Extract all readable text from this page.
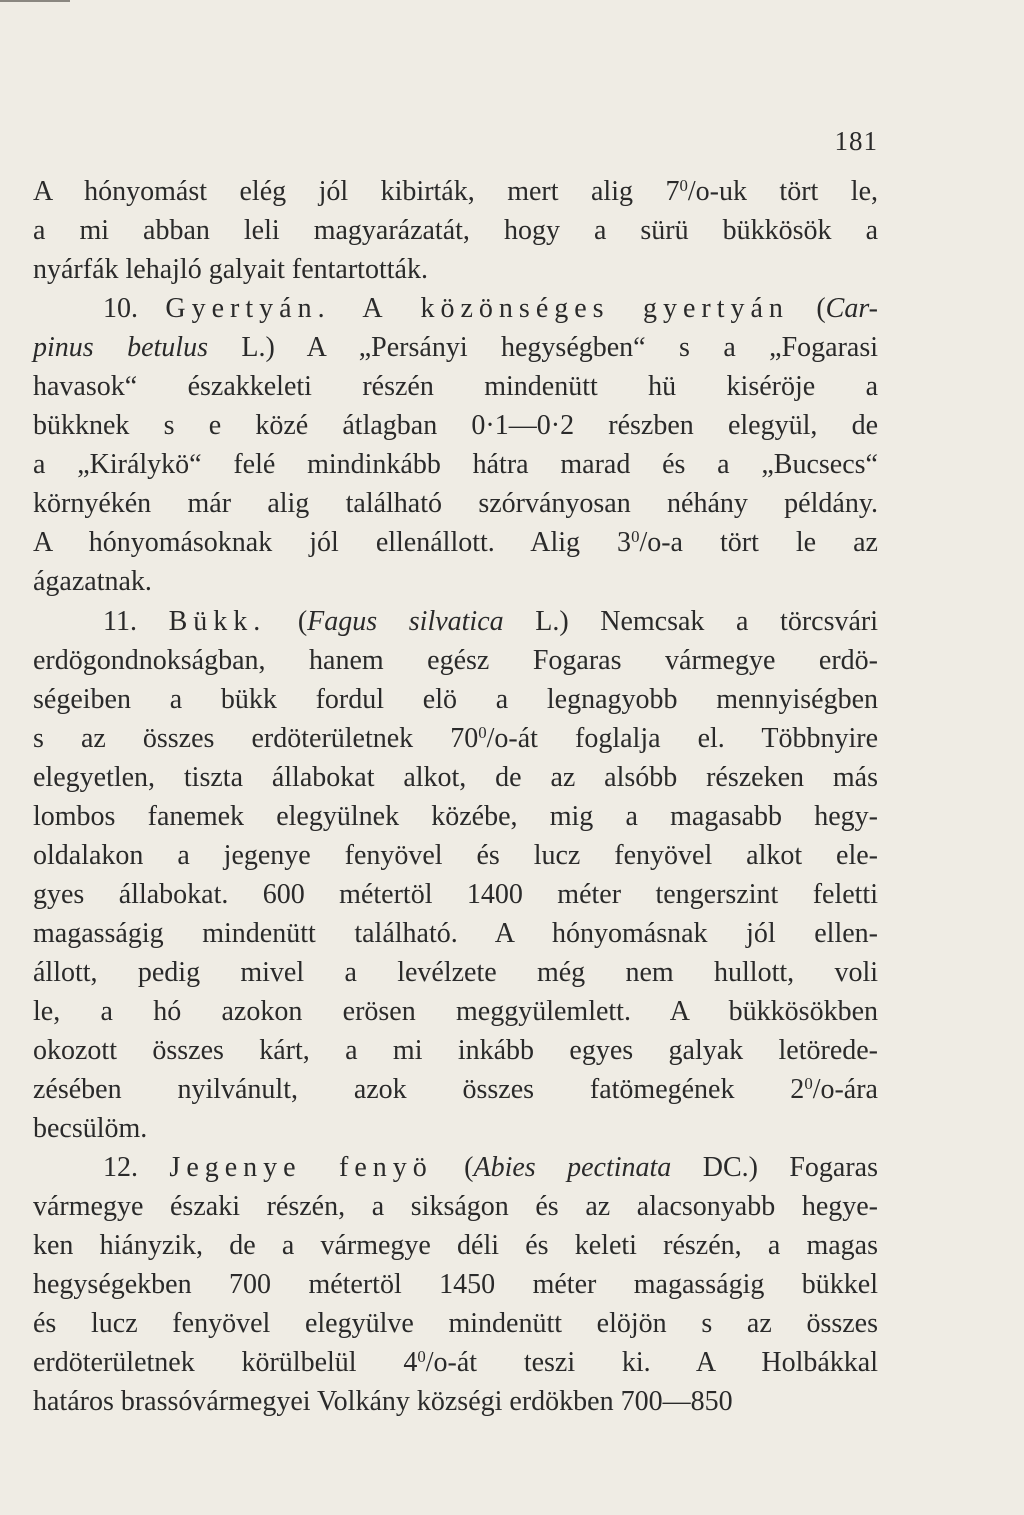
181
A hónyomást elég jól kibirták, mert alig $7^0/o-uk$ tört le,
a mi abban leli magyarázatát, hogy a sürü bükkösök a
nyárfák lehajló galyait fentartották.
10. Gyertyán. A közönséges gyertyán (Car-
pinus betulus L.) A „Persányi hegységben“ s a „Fogarasi
havasok“ északkeleti részén mindenütt hü kiséröje a
bükknek s e közé átlagban 0·1—0·2 részben elegyül, de
a „Királykö“ felé mindinkább hátra marad és a „Bucsecs“
környékén már alig található szórványosan néhány példány.
A hónyomásoknak jól ellenállott. Alig $3^0/o-a$ tört le az
ágazatnak.
11. Bükk. (Fagus silvatica L.) Nemcsak a törcsvári
erdögondnokságban, hanem egész Fogaras vármegye erdö-
ségeiben a bükk fordul elö a legnagyobb mennyiségben
s az összes erdöterületnek $70^0/o-át$ foglalja el. Többnyire
elegyetlen, tiszta állabokat alkot, de az alsóbb részeken más
lombos fanemek elegyülnek közébe, mig a magasabb hegy-
oldalakon a jegenye fenyövel és lucz fenyövel alkot ele-
gyes állabokat. 600 métertöl 1400 méter tengerszint feletti
magasságig mindenütt található. A hónyomásnak jól ellen-
állott, pedig mivel a levélzete még nem hullott, voli
le, a hó azokon erösen meggyülemlett. A bükkösökben
okozott összes kárt, a mi inkább egyes galyak letörede-
zésében nyilvánult, azok összes fatömegének $2^0/o$-ára
becsülöm.
12. Jegenye fenyö (Abies pectinata DC.) Fogaras
vármegye északi részén, a sikságon és az alacsonyabb hegye-
ken hiányzik, de a vármegye déli és keleti részén, a magas
hegységekben 700 métertöl 1450 méter magasságig bükkel
és lucz fenyövel elegyülve mindenütt elöjön s az összes
erdöterületnek körülbelül $4^0/o-át$ teszi ki. A Holbákkal
határos brassóvármegyei Volkány községi erdökben 700—850
